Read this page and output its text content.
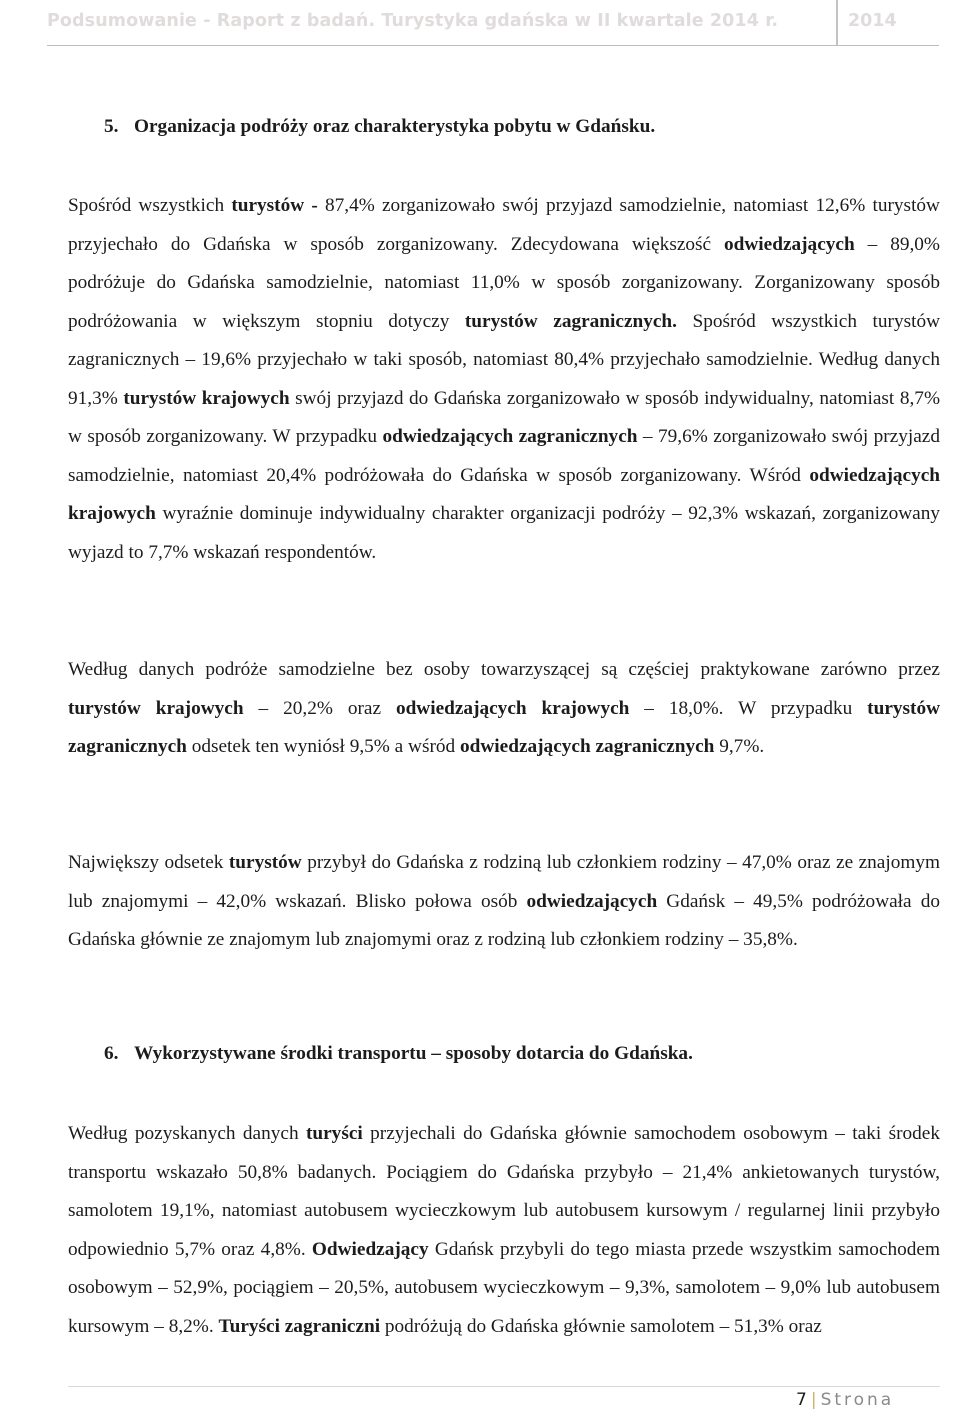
Podsumowanie - Raport z badań. Turystyka gdańska w II kwartale 2014 r.	2014
5. Organizacja podróży oraz charakterystyka pobytu w Gdańsku.

Spośród wszystkich turystów - 87,4% zorganizowało swój przyjazd samodzielnie, natomiast 12,6% turystów przyjechało do Gdańska w sposób zorganizowany. Zdecydowana większość odwiedzających – 89,0% podróżuje do Gdańska samodzielnie, natomiast 11,0% w sposób zorganizowany. Zorganizowany sposób podróżowania w większym stopniu dotyczy turystów zagranicznych. Spośród wszystkich turystów zagranicznych – 19,6% przyjechało w taki sposób, natomiast 80,4% przyjechało samodzielnie. Według danych 91,3% turystów krajowych swój przyjazd do Gdańska zorganizowało w sposób indywidualny, natomiast 8,7% w sposób zorganizowany. W przypadku odwiedzających zagranicznych – 79,6% zorganizowało swój przyjazd samodzielnie, natomiast 20,4% podróżowała do Gdańska w sposób zorganizowany. Wśród odwiedzających krajowych wyraźnie dominuje indywidualny charakter organizacji podróży – 92,3% wskazań, zorganizowany wyjazd to 7,7% wskazań respondentów.

Według danych podróże samodzielne bez osoby towarzyszącej są częściej praktykowane zarówno przez turystów krajowych – 20,2% oraz odwiedzających krajowych – 18,0%. W przypadku turystów zagranicznych odsetek ten wyniósł 9,5% a wśród odwiedzających zagranicznych 9,7%.

Największy odsetek turystów przybył do Gdańska z rodziną lub członkiem rodziny – 47,0% oraz ze znajomym lub znajomymi – 42,0% wskazań. Blisko połowa osób odwiedzających Gdańsk – 49,5% podróżowała do Gdańska głównie ze znajomym lub znajomymi oraz z rodziną lub członkiem rodziny – 35,8%.

6. Wykorzystywane środki transportu – sposoby dotarcia do Gdańska.

Według pozyskanych danych turyści przyjechali do Gdańska głównie samochodem osobowym – taki środek transportu wskazało 50,8% badanych. Pociągiem do Gdańska przybyło – 21,4% ankietowanych turystów, samolotem 19,1%, natomiast autobusem wycieczkowym lub autobusem kursowym / regularnej linii przybyło odpowiednio 5,7% oraz 4,8%. Odwiedzający Gdańsk przybyli do tego miasta przede wszystkim samochodem osobowym – 52,9%, pociągiem – 20,5%, autobusem wycieczkowym – 9,3%, samolotem – 9,0% lub autobusem kursowym – 8,2%. Turyści zagraniczni podróżują do Gdańska głównie samolotem – 51,3% oraz

7 | Strona
